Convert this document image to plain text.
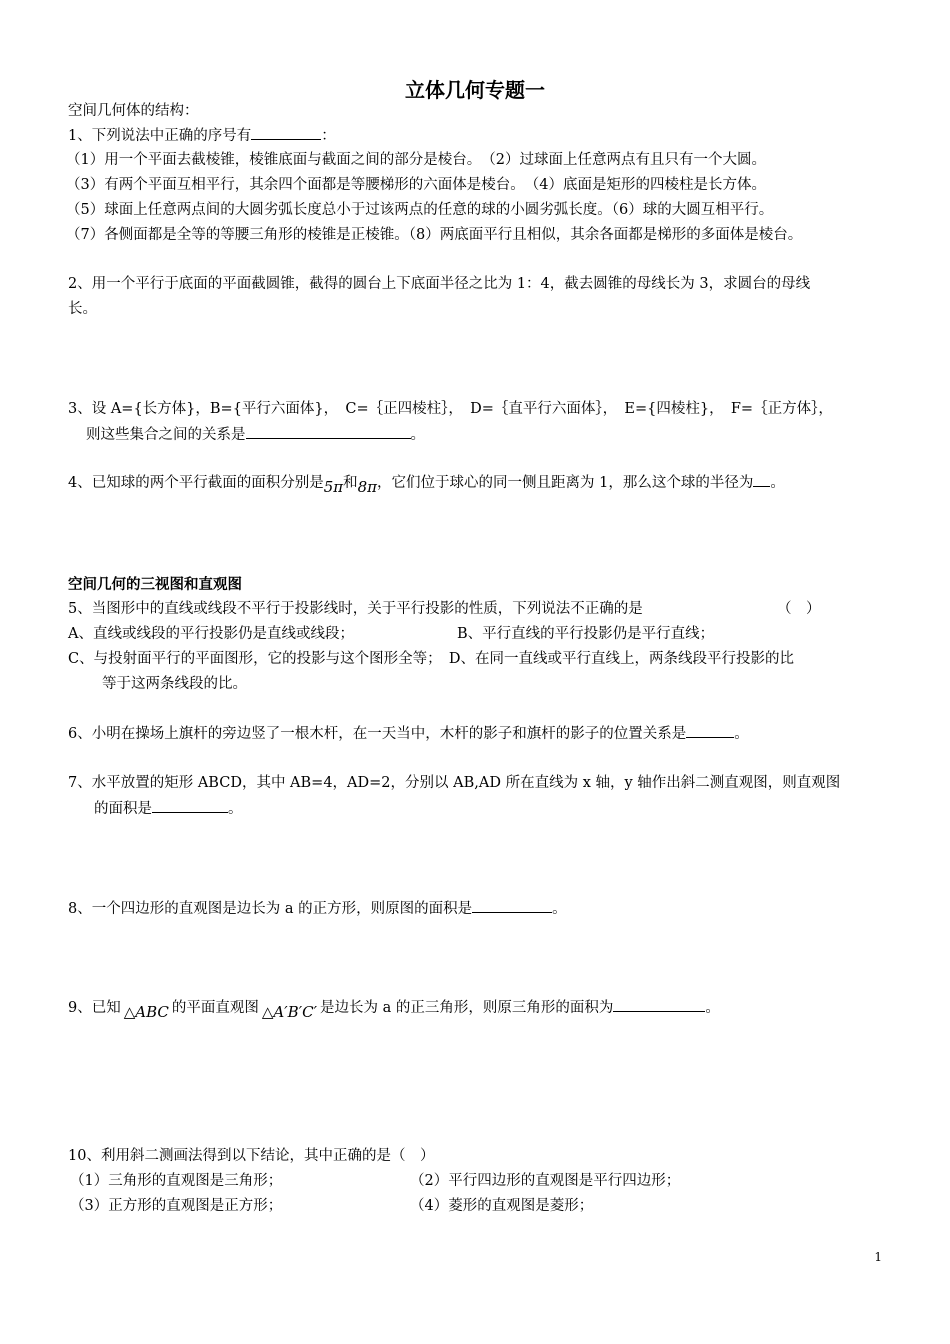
立体几何专题一
空间几何体的结构：
1、下列说法中正确的序号有	：
（1）用一个平面去截棱锥，棱锥底面与截面之间的部分是棱台。　（2）过球面上任意两点有且只有一个大圆。
（3）有两个平面互相平行，其余四个面都是等腰梯形的六面体是棱台。　（4）底面是矩形的四棱柱是长方体。
（5）球面上任意两点间的大圆劣弧长度总小于过该两点的任意的球的小圆劣弧长度。（6）球的大圆互相平行。
（7）各侧面都是全等的等腰三角形的棱锥是正棱锥。（8）两底面平行且相似，其余各面都是梯形的多面体是棱台。
2、用一个平行于底面的平面截圆锥，截得的圆台上下底面半径之比为 1：4，截去圆锥的母线长为 3，求圆台的母线
长。
3、设 A={长方体}，B={平行六面体}，　C=｛正四棱柱｝，　D=｛直平行六面体｝，　E={四棱柱}，　F=｛正方体｝，
则这些集合之间的关系是	。
4、已知球的两个平行截面的面积分别是5π和8π，它们位于球心的同一侧且距离为 1，那么这个球的半径为 。
空间几何的三视图和直观图
5、当图形中的直线或线段不平行于投影线时，关于平行投影的性质，下列说法不正确的是	（　）
A、直线或线段的平行投影仍是直线或线段；	B、平行直线的平行投影仍是平行直线；
C、与投射面平行的平面图形，它的投影与这个图形全等；　D、在同一直线或平行直线上，两条线段平行投影的比
等于这两条线段的比。
6、小明在操场上旗杆的旁边竖了一根木杆，在一天当中，木杆的影子和旗杆的影子的位置关系是	。
7、水平放置的矩形 ABCD，其中 AB=4，AD=2，分别以 AB,AD 所在直线为 x 轴，y 轴作出斜二测直观图，则直观图
的面积是	。
8、一个四边形的直观图是边长为 a 的正方形，则原图的面积是	。
9、已知 △ABC 的平面直观图 △A′B′C′ 是边长为 a 的正三角形，则原三角形的面积为	。
10、利用斜二测画法得到以下结论，其中正确的是（　）
（1）三角形的直观图是三角形；	（2）平行四边形的直观图是平行四边形；
（3）正方形的直观图是正方形；	（4）菱形的直观图是菱形；
1
